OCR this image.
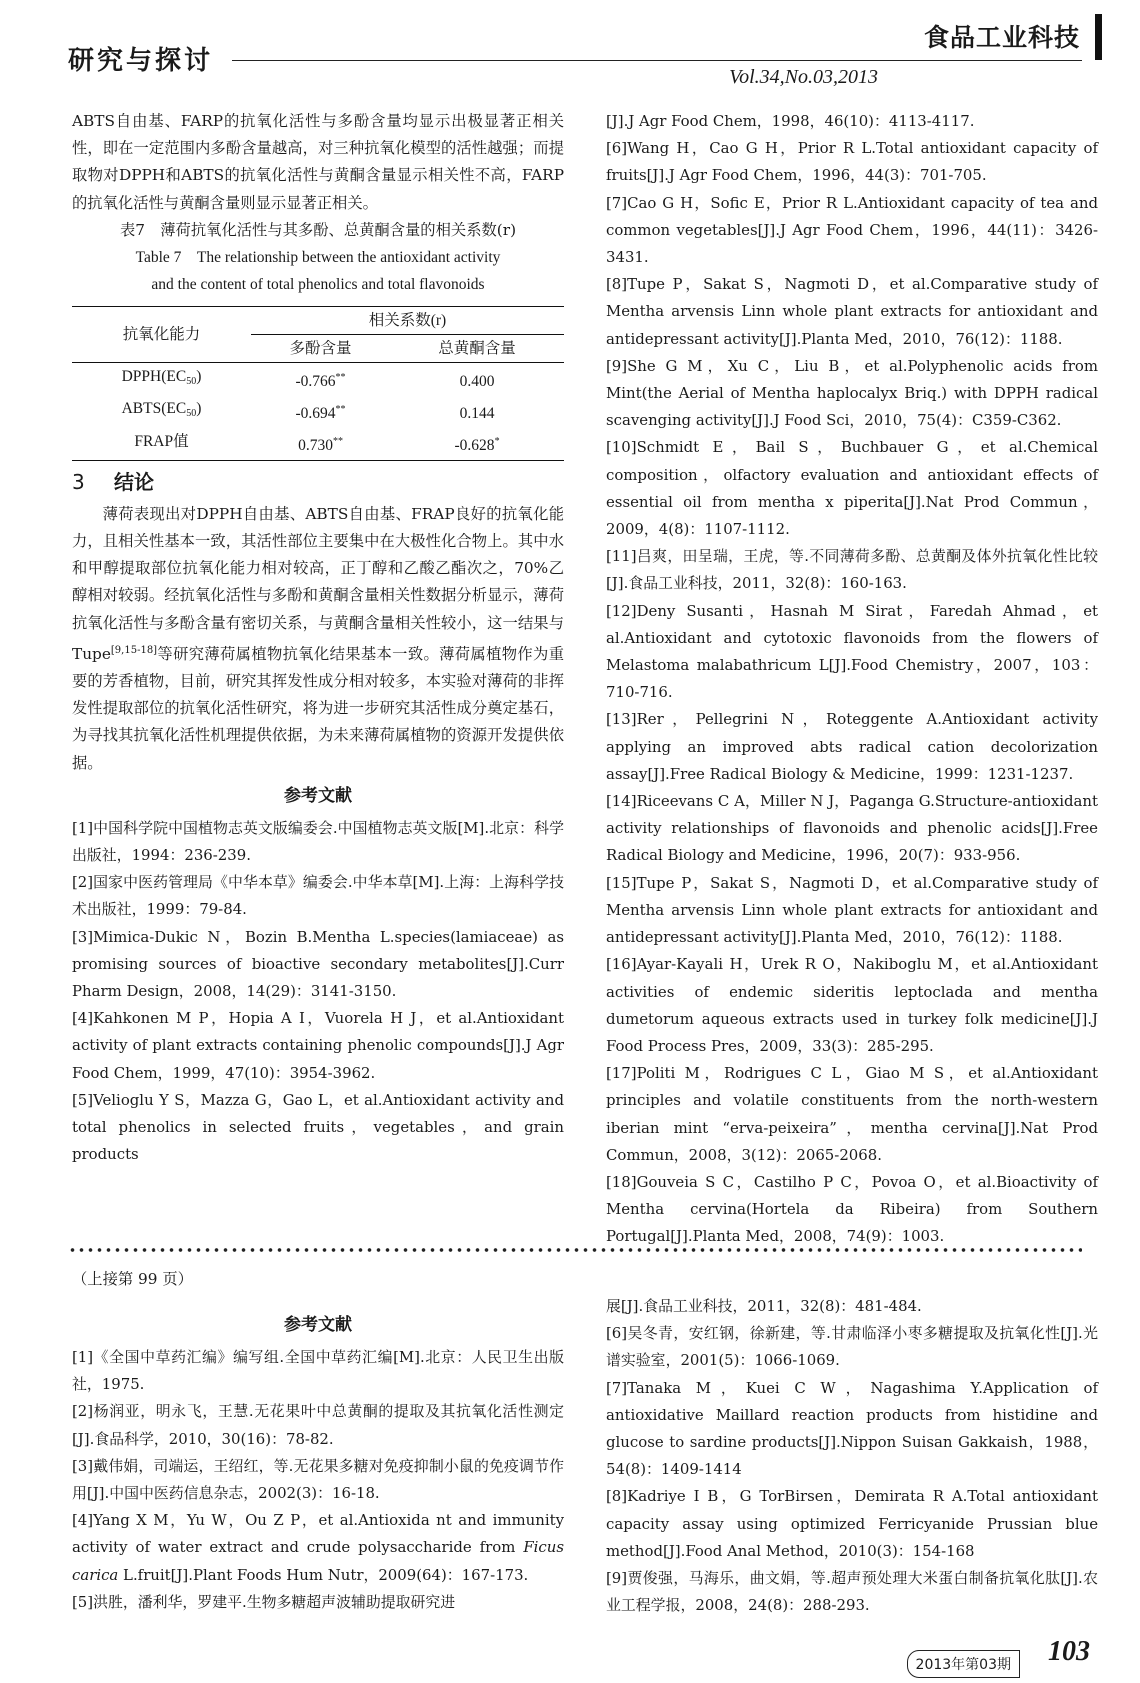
研究与探讨
食品工业科技
Vol.34,No.03,2013

ABTS自由基、FARP的抗氧化活性与多酚含量均显示出极显著正相关性，即在一定范围内多酚含量越高，对三种抗氧化模型的活性越强；而提取物对DPPH和ABTS的抗氧化活性与黄酮含量显示相关性不高，FARP的抗氧化活性与黄酮含量则显示显著正相关。

表7　薄荷抗氧化活性与其多酚、总黄酮含量的相关系数(r)
Table 7　The relationship between the antioxidant activity
and the content of total phenolics and total flavonoids
抗氧化能力	相关系数(r)	
	多酚含量	总黄酮含量
$DPPH(EC_{50})$	-0.766**	0.400
$ABTS(EC_{50})$	-0.694**	0.144
FRAP值	0.730**	-0.628*
3 结论

薄荷表现出对DPPH自由基、ABTS自由基、FRAP良好的抗氧化能力，且相关性基本一致，其活性部位主要集中在大极性化合物上。其中水和甲醇提取部位抗氧化能力相对较高，正丁醇和乙酸乙酯次之，70%乙醇相对较弱。经抗氧化活性与多酚和黄酮含量相关性数据分析显示，薄荷抗氧化活性与多酚含量有密切关系，与黄酮含量相关性较小，这一结果与Tupe[9,15-18]等研究薄荷属植物抗氧化结果基本一致。薄荷属植物作为重要的芳香植物，目前，研究其挥发性成分相对较多，本实验对薄荷的非挥发性提取部位的抗氧化活性研究，将为进一步研究其活性成分奠定基石，为寻找其抗氧化活性机理提供依据，为未来薄荷属植物的资源开发提供依据。

参考文献
[1]中国科学院中国植物志英文版编委会.中国植物志英文版[M].北京：科学出版社，1994：236-239.
[2]国家中医药管理局《中华本草》编委会.中华本草[M].上海：上海科学技术出版社，1999：79-84.
[3]Mimica-Dukic N，Bozin B.Mentha L.species(lamiaceae) as promising sources of bioactive secondary metabolites[J].Curr Pharm Design，2008，14(29)：3141-3150.
[4]Kahkonen M P，Hopia A I，Vuorela H J，et al.Antioxidant activity of plant extracts containing phenolic compounds[J].J Agr Food Chem，1999，47(10)：3954-3962.
[5]Velioglu Y S，Mazza G，Gao L，et al.Antioxidant activity and total phenolics in selected fruits，vegetables，and grain products
[J].J Agr Food Chem，1998，46(10)：4113-4117.
[6]Wang H，Cao G H，Prior R L.Total antioxidant capacity of fruits[J].J Agr Food Chem，1996，44(3)：701-705.
[7]Cao G H，Sofic E，Prior R L.Antioxidant capacity of tea and common vegetables[J].J Agr Food Chem，1996，44(11)：3426-3431.
[8]Tupe P，Sakat S，Nagmoti D，et al.Comparative study of Mentha arvensis Linn whole plant extracts for antioxidant and antidepressant activity[J].Planta Med，2010，76(12)：1188.
[9]She G M，Xu C，Liu B，et al.Polyphenolic acids from Mint(the Aerial of Mentha haplocalyx Briq.) with DPPH radical scavenging activity[J].J Food Sci，2010，75(4)：C359-C362.
[10]Schmidt E，Bail S，Buchbauer G，et al.Chemical composition，olfactory evaluation and antioxidant effects of essential oil from mentha x piperita[J].Nat Prod Commun，2009，4(8)：1107-1112.
[11]吕爽，田呈瑞，王虎，等.不同薄荷多酚、总黄酮及体外抗氧化性比较[J].食品工业科技，2011，32(8)：160-163.
[12]Deny Susanti，Hasnah M Sirat，Faredah Ahmad，et al.Antioxidant and cytotoxic flavonoids from the flowers of Melastoma malabathricum L[J].Food Chemistry，2007，103：710-716.
[13]Rer，Pellegrini N，Roteggente A.Antioxidant activity applying an improved abts radical cation decolorization assay[J].Free Radical Biology & Medicine，1999：1231-1237.
[14]Riceevans C A，Miller N J，Paganga G.Structure-antioxidant activity relationships of flavonoids and phenolic acids[J].Free Radical Biology and Medicine，1996，20(7)：933-956.
[15]Tupe P，Sakat S，Nagmoti D，et al.Comparative study of Mentha arvensis Linn whole plant extracts for antioxidant and antidepressant activity[J].Planta Med，2010，76(12)：1188.
[16]Ayar-Kayali H，Urek R O，Nakiboglu M，et al.Antioxidant activities of endemic sideritis leptoclada and mentha dumetorum aqueous extracts used in turkey folk medicine[J].J Food Process Pres，2009，33(3)：285-295.
[17]Politi M，Rodrigues C L，Giao M S，et al.Antioxidant principles and volatile constituents from the north-western iberian mint “erva-peixeira”，mentha cervina[J].Nat Prod Commun，2008，3(12)：2065-2068.
[18]Gouveia S C，Castilho P C，Povoa O，et al.Bioactivity of Mentha cervina(Hortela da Ribeira) from Southern Portugal[J].Planta Med，2008，74(9)：1003.
（上接第 99 页）
参考文献
[1]《全国中草药汇编》编写组.全国中草药汇编[M].北京：人民卫生出版社，1975.
[2]杨润亚，明永飞，王慧.无花果叶中总黄酮的提取及其抗氧化活性测定[J].食品科学，2010，30(16)：78-82.
[3]戴伟娟，司端运，王绍红，等.无花果多糖对免疫抑制小鼠的免疫调节作用[J].中国中医药信息杂志，2002(3)：16-18.
[4]Yang X M，Yu W，Ou Z P，et al.Antioxida nt and immunity activity of water extract and crude polysaccharide from Ficus carica L.fruit[J].Plant Foods Hum Nutr，2009(64)：167-173.
[5]洪胜，潘利华，罗建平.生物多糖超声波辅助提取研究进
展[J].食品工业科技，2011，32(8)：481-484.
[6]吴冬青，安红钢，徐新建，等.甘肃临泽小枣多糖提取及抗氧化性[J].光谱实验室，2001(5)：1066-1069.
[7]Tanaka M，Kuei C W，Nagashima Y.Application of antioxidative Maillard reaction products from histidine and glucose to sardine products[J].Nippon Suisan Gakkaish，1988，54(8)：1409-1414
[8]Kadriye I B，G TorBirsen，Demirata R A.Total antioxidant capacity assay using optimized Ferricyanide Prussian blue method[J].Food Anal Method，2010(3)：154-168
[9]贾俊强，马海乐，曲文娟，等.超声预处理大米蛋白制备抗氧化肽[J].农业工程学报，2008，24(8)：288-293.
2013年第03期	103
